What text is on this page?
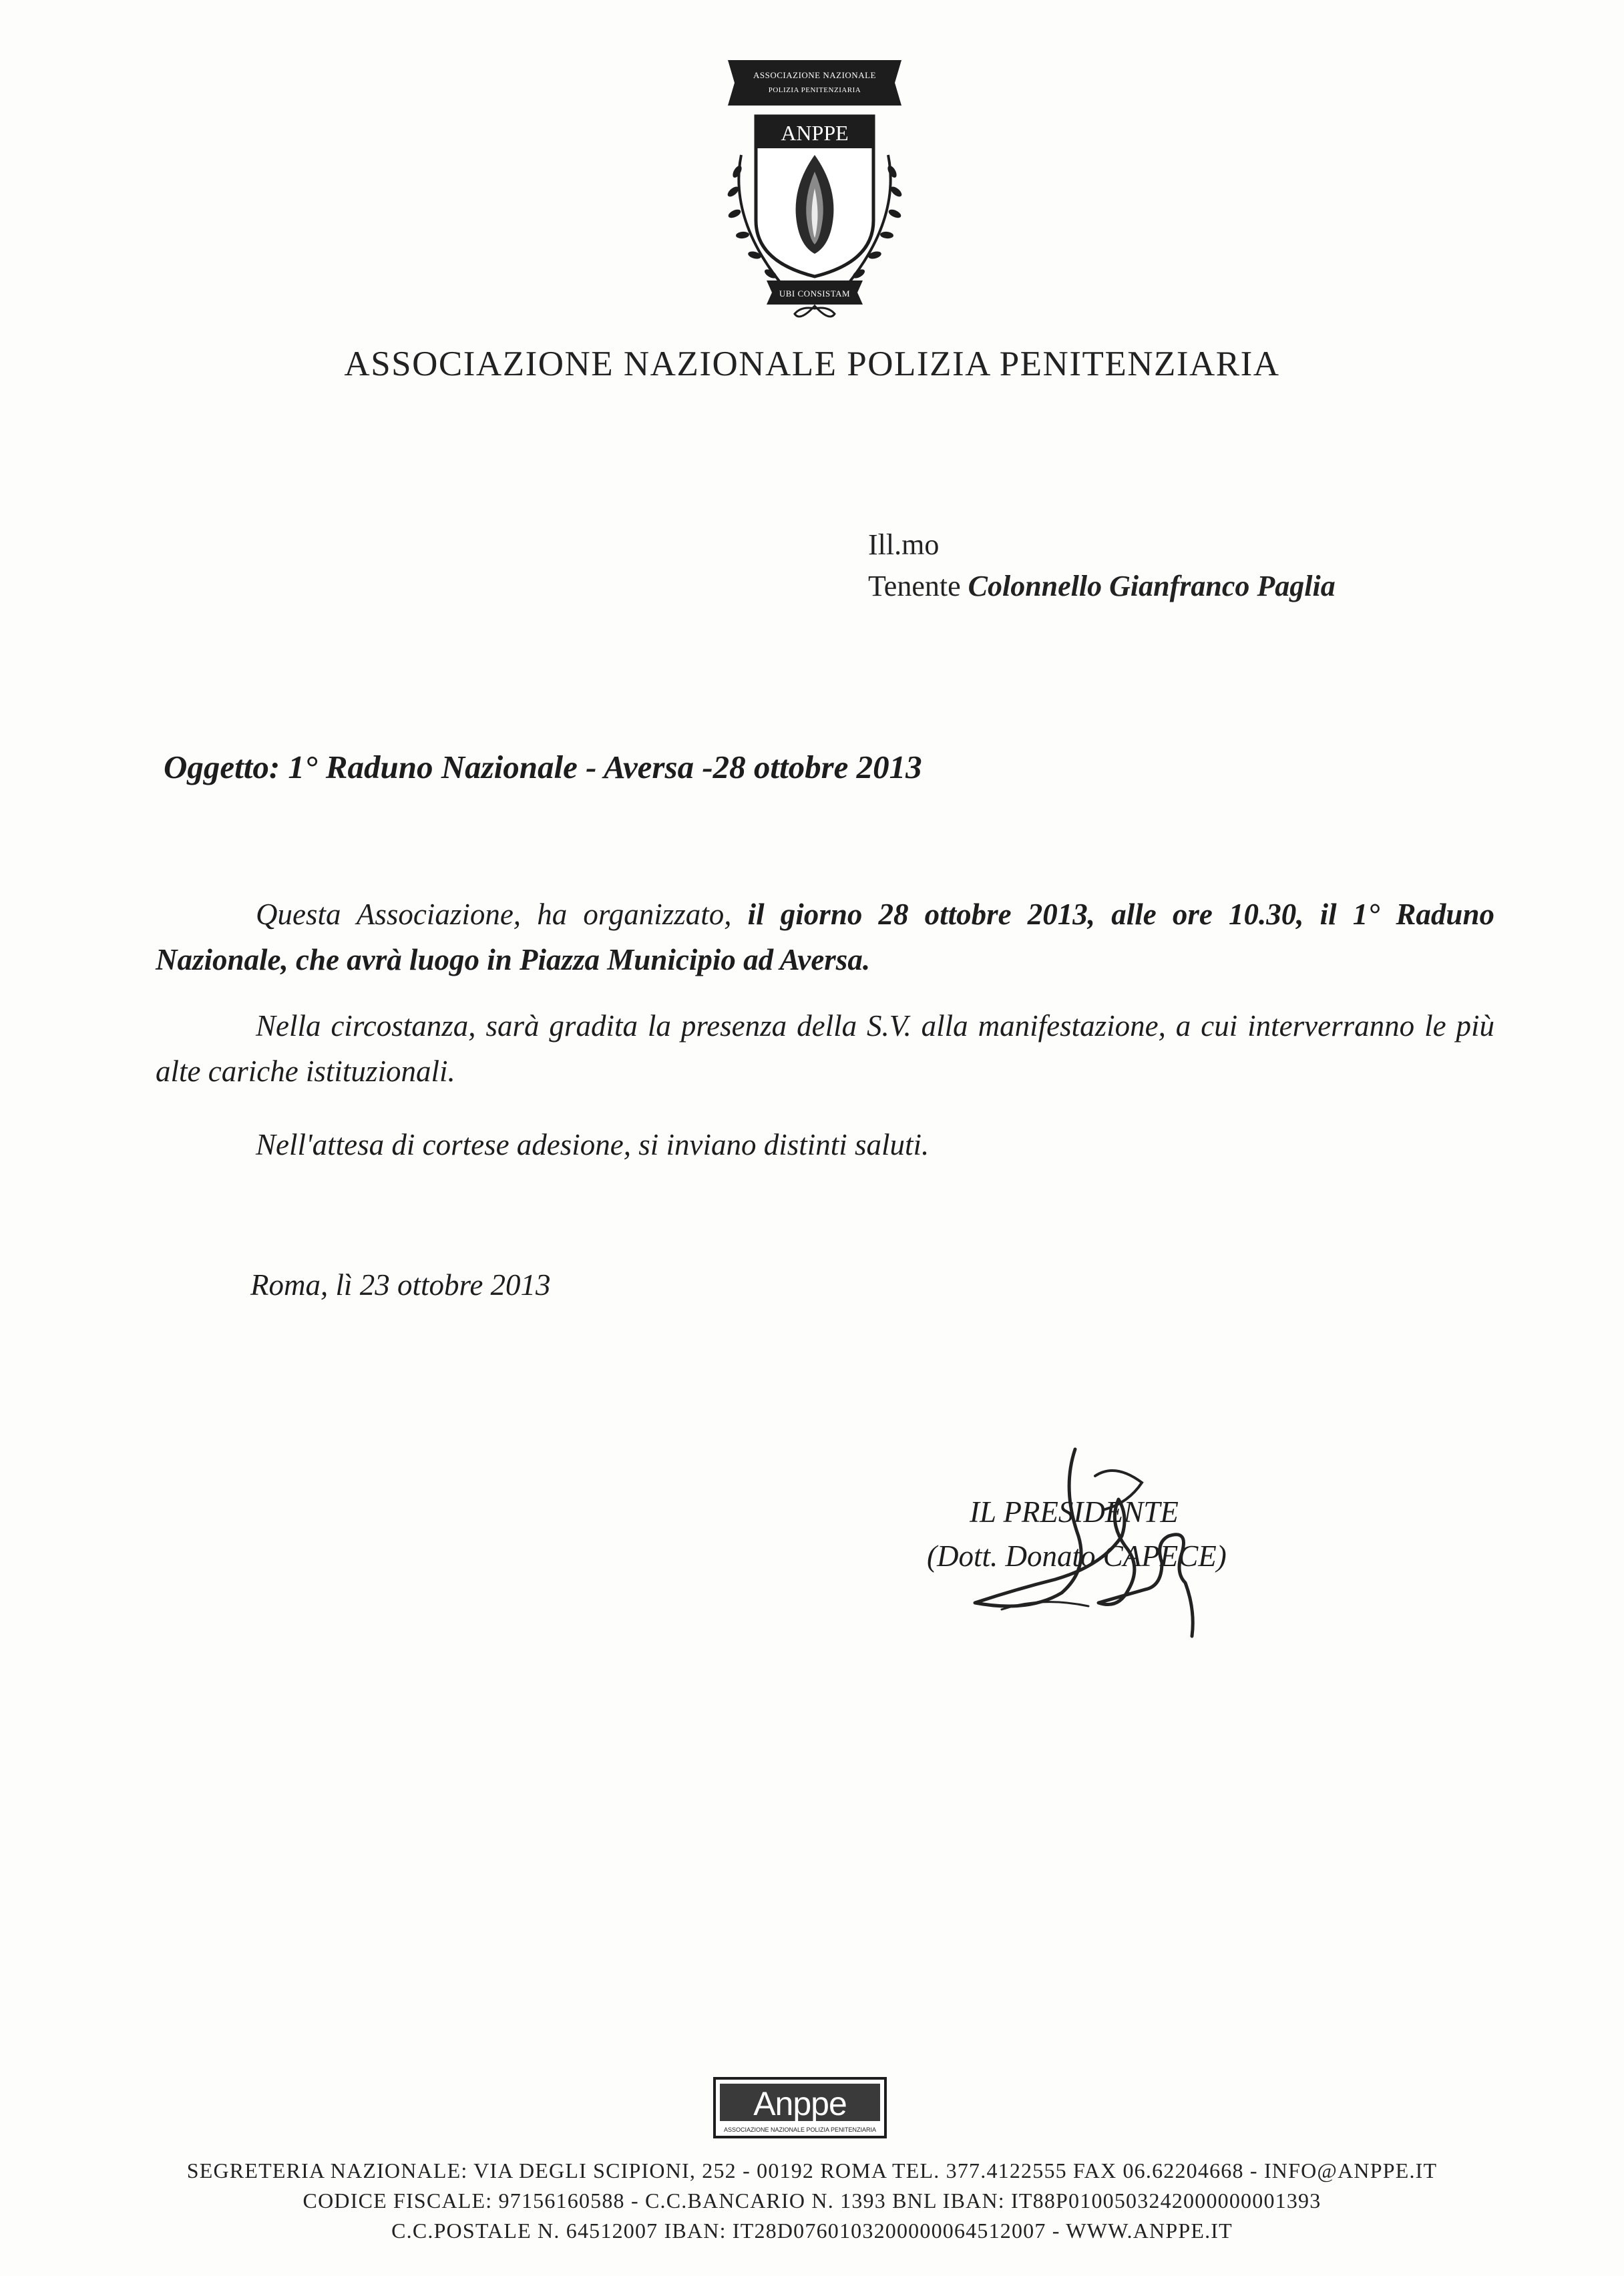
ASSOCIAZIONE NAZIONALE
POLIZIA PENITENZIARIA
ANPPE
UBI CONSISTAM
ASSOCIAZIONE NAZIONALE POLIZIA PENITENZIARIA
Ill.mo
Tenente Colonnello Gianfranco Paglia
Oggetto: 1° Raduno Nazionale - Aversa -28 ottobre 2013
Questa Associazione, ha organizzato, il giorno 28 ottobre 2013, alle ore 10.30, il 1° Raduno Nazionale, che avrà luogo in Piazza Municipio ad Aversa.
Nella circostanza, sarà gradita la presenza della S.V. alla manifestazione, a cui interverranno le più alte cariche istituzionali.
Nell'attesa di cortese adesione, si inviano distinti saluti.
Roma, lì 23 ottobre 2013
IL PRESIDENTE
(Dott. Donato CAPECE)
Anppe
ASSOCIAZIONE NAZIONALE POLIZIA PENITENZIARIA
SEGRETERIA NAZIONALE: VIA DEGLI SCIPIONI, 252 - 00192 ROMA TEL. 377.4122555 FAX 06.62204668 - INFO@ANPPE.IT
CODICE FISCALE: 97156160588 - C.C.BANCARIO N. 1393 BNL IBAN: IT88P0100503242000000001393
C.C.POSTALE N. 64512007 IBAN: IT28D0760103200000064512007 - WWW.ANPPE.IT
